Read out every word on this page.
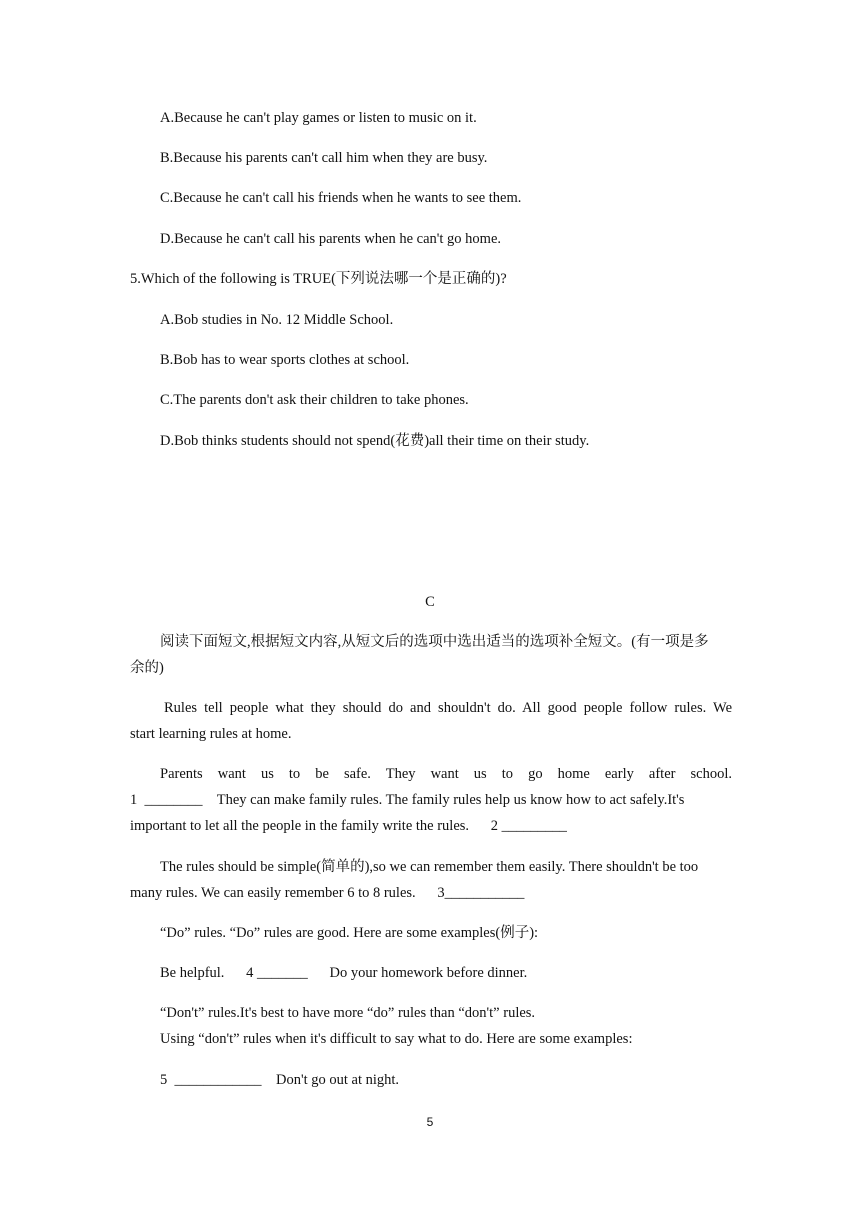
A.Because he can't play games or listen to music on it.
B.Because his parents can't call him when they are busy.
C.Because he can't call his friends when he wants to see them.
D.Because he can't call his parents when he can't go home.
5.Which of the following is TRUE(下列说法哪一个是正确的)?
A.Bob studies in No. 12 Middle School.
B.Bob has to wear sports clothes at school.
C.The parents don't ask their children to take phones.
D.Bob thinks students should not spend(花费)all their time on their study.
C
阅读下面短文,根据短文内容,从短文后的选项中选出适当的选项补全短文。(有一项是多
余的)
Rules tell people what they should do and shouldn't do. All good people follow rules. We
start learning rules at home.
Parents want us to be safe. They want us to go home early after school.
1  ________    They can make family rules. The family rules help us know how to act safely.It's
important to let all the people in the family write the rules.      2 _________
The rules should be simple(简单的),so we can remember them easily. There shouldn't be too
many rules. We can easily remember 6 to 8 rules.      3___________
“Do” rules. “Do” rules are good. Here are some examples(例子):
Be helpful.      4 _______      Do your homework before dinner.
“Don't” rules.It's best to have more “do” rules than “don't” rules.
Using “don't” rules when it's difficult to say what to do. Here are some examples:
5  ____________    Don't go out at night.
5
